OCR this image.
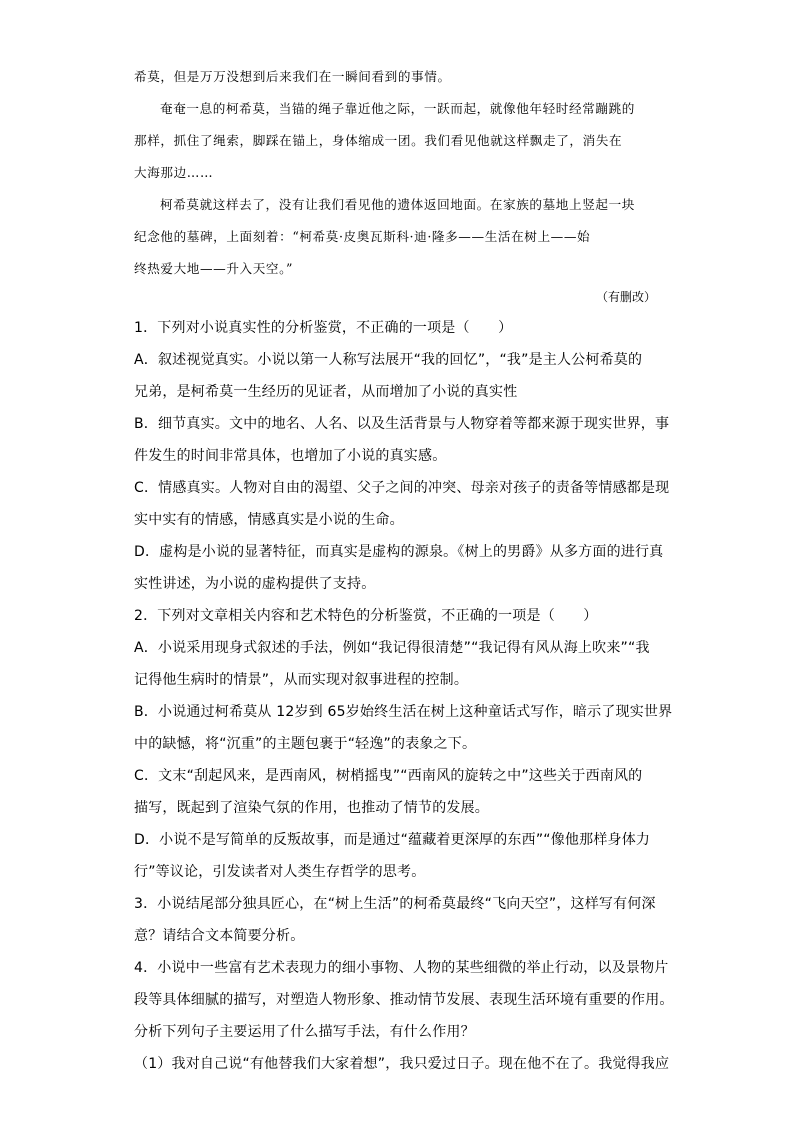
希莫，但是万万没想到后来我们在一瞬间看到的事情。
奄奄一息的柯希莫，当锚的绳子靠近他之际，一跃而起，就像他年轻时经常蹦跳的
那样，抓住了绳索，脚踩在锚上，身体缩成一团。我们看见他就这样飘走了，消失在
大海那边……
柯希莫就这样去了，没有让我们看见他的遗体返回地面。在家族的墓地上竖起一块
纪念他的墓碑，上面刻着：“柯希莫·皮奥瓦斯科·迪·隆多——生活在树上——始
终热爱大地——升入天空。”
（有删改）
1．下列对小说真实性的分析鉴赏，不正确的一项是（　　）
A．叙述视觉真实。小说以第一人称写法展开“我的回忆”，“我”是主人公柯希莫的
兄弟，是柯希莫一生经历的见证者，从而增加了小说的真实性
B．细节真实。文中的地名、人名、以及生活背景与人物穿着等都来源于现实世界，事
件发生的时间非常具体，也增加了小说的真实感。
C．情感真实。人物对自由的渴望、父子之间的冲突、母亲对孩子的责备等情感都是现
实中实有的情感，情感真实是小说的生命。
D．虚构是小说的显著特征，而真实是虚构的源泉。《树上的男爵》从多方面的进行真
实性讲述，为小说的虚构提供了支持。
2．下列对文章相关内容和艺术特色的分析鉴赏，不正确的一项是（　　）
A．小说采用现身式叙述的手法，例如“我记得很清楚”“我记得有风从海上吹来”“我
记得他生病时的情景”，从而实现对叙事进程的控制。
B．小说通过柯希莫从 12岁到 65岁始终生活在树上这种童话式写作，暗示了现实世界
中的缺憾，将“沉重”的主题包裹于“轻逸”的表象之下。
C．文末“刮起风来，是西南风，树梢摇曳”“西南风的旋转之中”这些关于西南风的
描写，既起到了渲染气氛的作用，也推动了情节的发展。
D．小说不是写简单的反叛故事，而是通过“蕴藏着更深厚的东西”“像他那样身体力
行”等议论，引发读者对人类生存哲学的思考。
3．小说结尾部分独具匠心，在“树上生活”的柯希莫最终“飞向天空”，这样写有何深
意？请结合文本简要分析。
4．小说中一些富有艺术表现力的细小事物、人物的某些细微的举止行动，以及景物片
段等具体细腻的描写，对塑造人物形象、推动情节发展、表现生活环境有重要的作用。
分析下列句子主要运用了什么描写手法，有什么作用？
（1）我对自己说“有他替我们大家着想”，我只爱过日子。现在他不在了。我觉得我应
